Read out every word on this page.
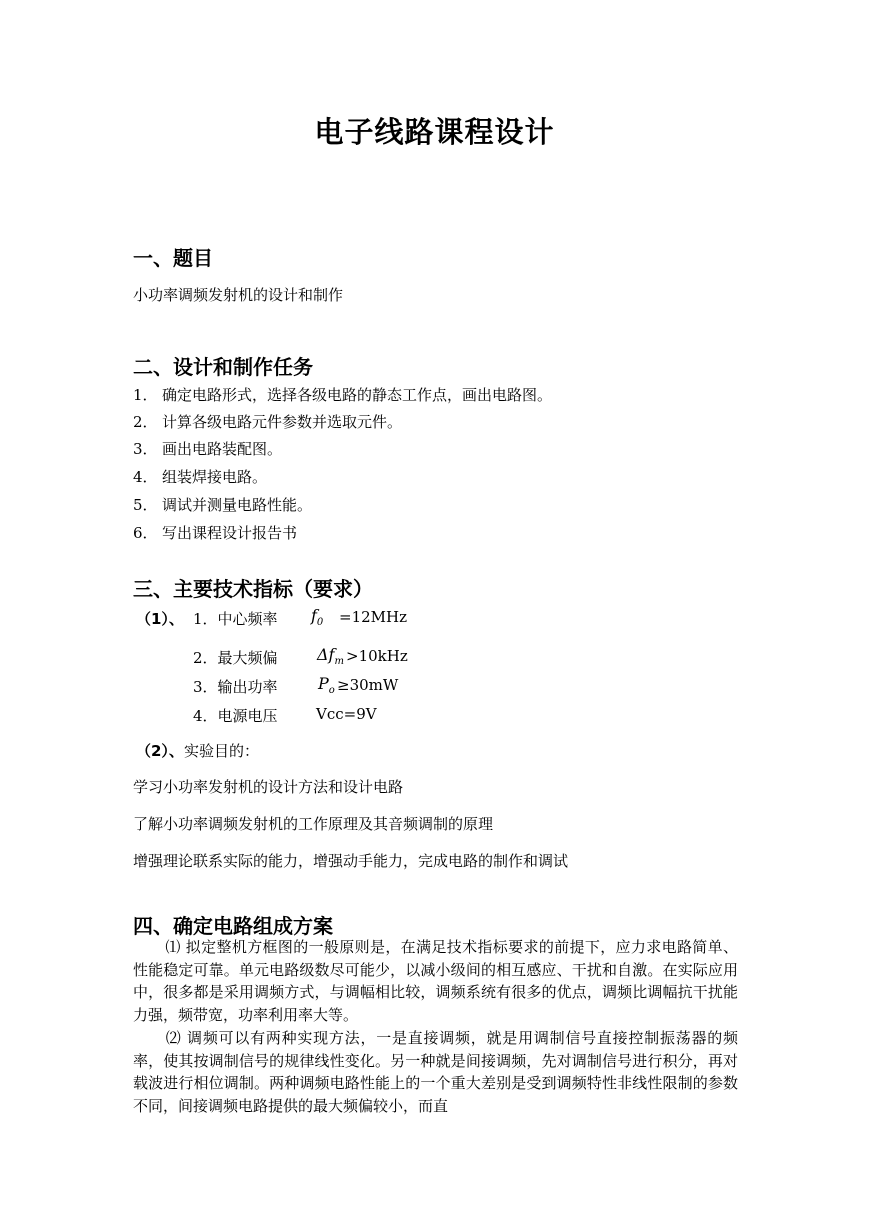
电子线路课程设计
一、题目
小功率调频发射机的设计和制作
二、设计和制作任务
1． 确定电路形式，选择各级电路的静态工作点，画出电路图。
2． 计算各级电路元件参数并选取元件。
3． 画出电路装配图。
4． 组装焊接电路。
5． 调试并测量电路性能。
6． 写出课程设计报告书
三、主要技术指标（要求）
（1）、 1．中心频率 $f_0 =12MHz$
2．最大频偏 $\Delta f_m >10kHz$
3．输出功率	$P_o \ge 30mW$
4．电源电压	Vcc=9V
（2）、实验目的：
学习小功率发射机的设计方法和设计电路
了解小功率调频发射机的工作原理及其音频调制的原理
增强理论联系实际的能力，增强动手能力，完成电路的制作和调试
四、确定电路组成方案
⑴ 拟定整机方框图的一般原则是，在满足技术指标要求的前提下，应力求电路简单、性能稳定可靠。单元电路级数尽可能少，以减小级间的相互感应、干扰和自激。在实际应用中，很多都是采用调频方式，与调幅相比较，调频系统有很多的优点，调频比调幅抗干扰能力强，频带宽，功率利用率大等。
⑵ 调频可以有两种实现方法，一是直接调频，就是用调制信号直接控制振荡器的频率，使其按调制信号的规律线性变化。另一种就是间接调频，先对调制信号进行积分，再对载波进行相位调制。两种调频电路性能上的一个重大差别是受到调频特性非线性限制的参数不同，间接调频电路提供的最大频偏较小，而直
